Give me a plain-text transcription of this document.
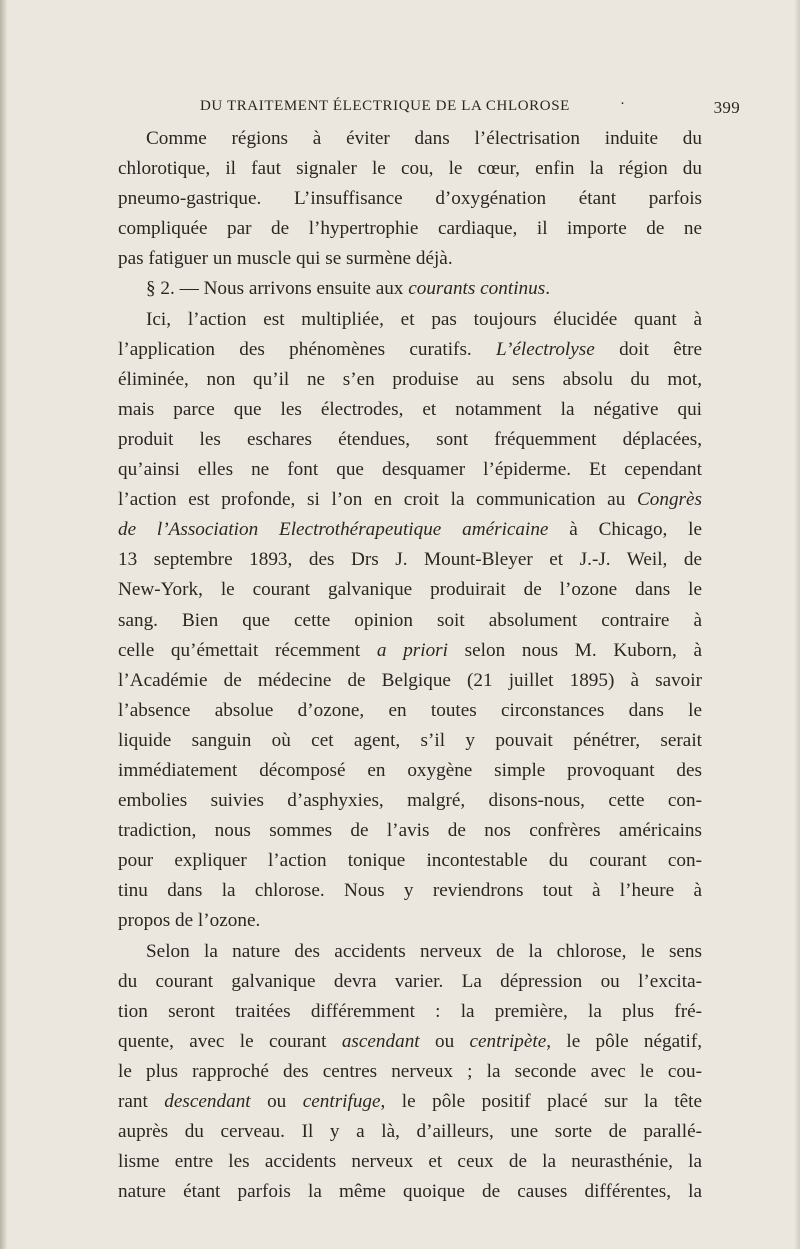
DU TRAITEMENT ÉLECTRIQUE DE LA CHLOROSE	·	399
Comme régions à éviter dans l’électrisation induite du
chlorotique, il faut signaler le cou, le cœur, enfin la région du
pneumo-gastrique. L’insuffisance d’oxygénation étant parfois
compliquée par de l’hypertrophie cardiaque, il importe de ne
pas fatiguer un muscle qui se surmène déjà.
§ 2. — Nous arrivons ensuite aux courants continus.
Ici, l’action est multipliée, et pas toujours élucidée quant à
l’application des phénomènes curatifs. L’électrolyse doit être
éliminée, non qu’il ne s’en produise au sens absolu du mot,
mais parce que les électrodes, et notamment la négative qui
produit les eschares étendues, sont fréquemment déplacées,
qu’ainsi elles ne font que desquamer l’épiderme. Et cependant
l’action est profonde, si l’on en croit la communication au Congrès
de l’Association Electrothérapeutique américaine à Chicago, le
13 septembre 1893, des Drs J. Mount-Bleyer et J.-J. Weil, de
New-York, le courant galvanique produirait de l’ozone dans le
sang. Bien que cette opinion soit absolument contraire à
celle qu’émettait récemment a priori selon nous M. Kuborn, à
l’Académie de médecine de Belgique (21 juillet 1895) à savoir
l’absence absolue d’ozone, en toutes circonstances dans le
liquide sanguin où cet agent, s’il y pouvait pénétrer, serait
immédiatement décomposé en oxygène simple provoquant des
embolies suivies d’asphyxies, malgré, disons-nous, cette con-
tradiction, nous sommes de l’avis de nos confrères américains
pour expliquer l’action tonique incontestable du courant con-
tinu dans la chlorose. Nous y reviendrons tout à l’heure à
propos de l’ozone.
Selon la nature des accidents nerveux de la chlorose, le sens
du courant galvanique devra varier. La dépression ou l’excita-
tion seront traitées différemment : la première, la plus fré-
quente, avec le courant ascendant ou centripète, le pôle négatif,
le plus rapproché des centres nerveux ; la seconde avec le cou-
rant descendant ou centrifuge, le pôle positif placé sur la tête
auprès du cerveau. Il y a là, d’ailleurs, une sorte de parallé-
lisme entre les accidents nerveux et ceux de la neurasthénie, la
nature étant parfois la même quoique de causes différentes, la
